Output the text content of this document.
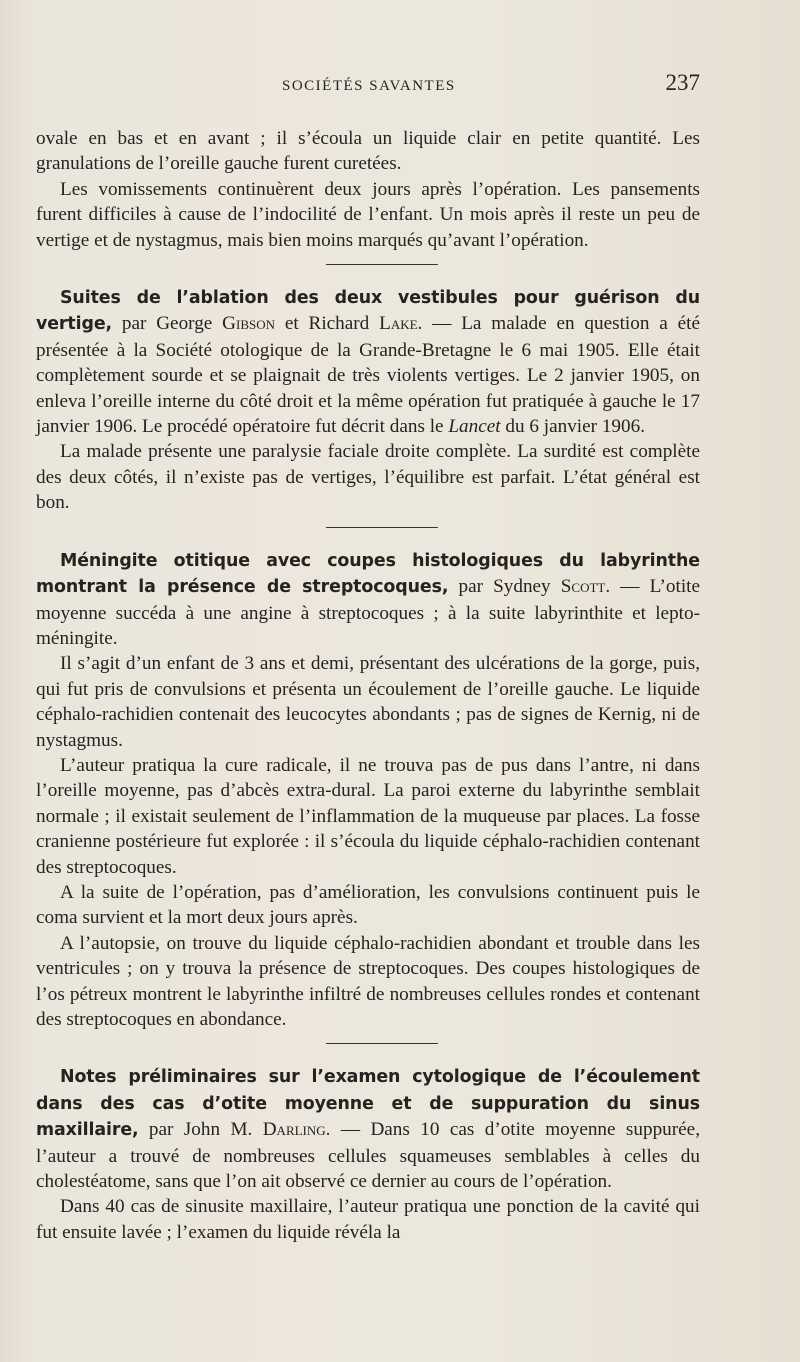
SOCIÉTÉS SAVANTES	237

ovale en bas et en avant ; il s’écoula un liquide clair en petite quantité. Les granulations de l’oreille gauche furent curetées.

Les vomissements continuèrent deux jours après l’opération. Les pansements furent difficiles à cause de l’indocilité de l’enfant. Un mois après il reste un peu de vertige et de nystagmus, mais bien moins marqués qu’avant l’opération.

Suites de l’ablation des deux vestibules pour guérison du vertige, par George Gibson et Richard Lake. — La malade en question a été présentée à la Société otologique de la Grande-Bretagne le 6 mai 1905. Elle était complètement sourde et se plaignait de très violents vertiges. Le 2 janvier 1905, on enleva l’oreille interne du côté droit et la même opération fut pratiquée à gauche le 17 janvier 1906. Le procédé opératoire fut décrit dans le Lancet du 6 janvier 1906.

La malade présente une paralysie faciale droite complète. La surdité est complète des deux côtés, il n’existe pas de vertiges, l’équilibre est parfait. L’état général est bon.

Méningite otitique avec coupes histologiques du labyrinthe montrant la présence de streptocoques, par Sydney Scott. — L’otite moyenne succéda à une angine à streptocoques ; à la suite labyrinthite et lepto-méningite.

Il s’agit d’un enfant de 3 ans et demi, présentant des ulcérations de la gorge, puis, qui fut pris de convulsions et présenta un écoulement de l’oreille gauche. Le liquide céphalo-rachidien contenait des leucocytes abondants ; pas de signes de Kernig, ni de nystagmus.

L’auteur pratiqua la cure radicale, il ne trouva pas de pus dans l’antre, ni dans l’oreille moyenne, pas d’abcès extra-dural. La paroi externe du labyrinthe semblait normale ; il existait seulement de l’inflammation de la muqueuse par places. La fosse cranienne postérieure fut explorée : il s’écoula du liquide céphalo-rachidien contenant des streptocoques.

A la suite de l’opération, pas d’amélioration, les convulsions continuent puis le coma survient et la mort deux jours après.

A l’autopsie, on trouve du liquide céphalo-rachidien abondant et trouble dans les ventricules ; on y trouva la présence de streptocoques. Des coupes histologiques de l’os pétreux montrent le labyrinthe infiltré de nombreuses cellules rondes et contenant des streptocoques en abondance.

Notes préliminaires sur l’examen cytologique de l’écoulement dans des cas d’otite moyenne et de suppuration du sinus maxillaire, par John M. Darling. — Dans 10 cas d’otite moyenne suppurée, l’auteur a trouvé de nombreuses cellules squameuses semblables à celles du cholestéatome, sans que l’on ait observé ce dernier au cours de l’opération.

Dans 40 cas de sinusite maxillaire, l’auteur pratiqua une ponction de la cavité qui fut ensuite lavée ; l’examen du liquide révéla la
